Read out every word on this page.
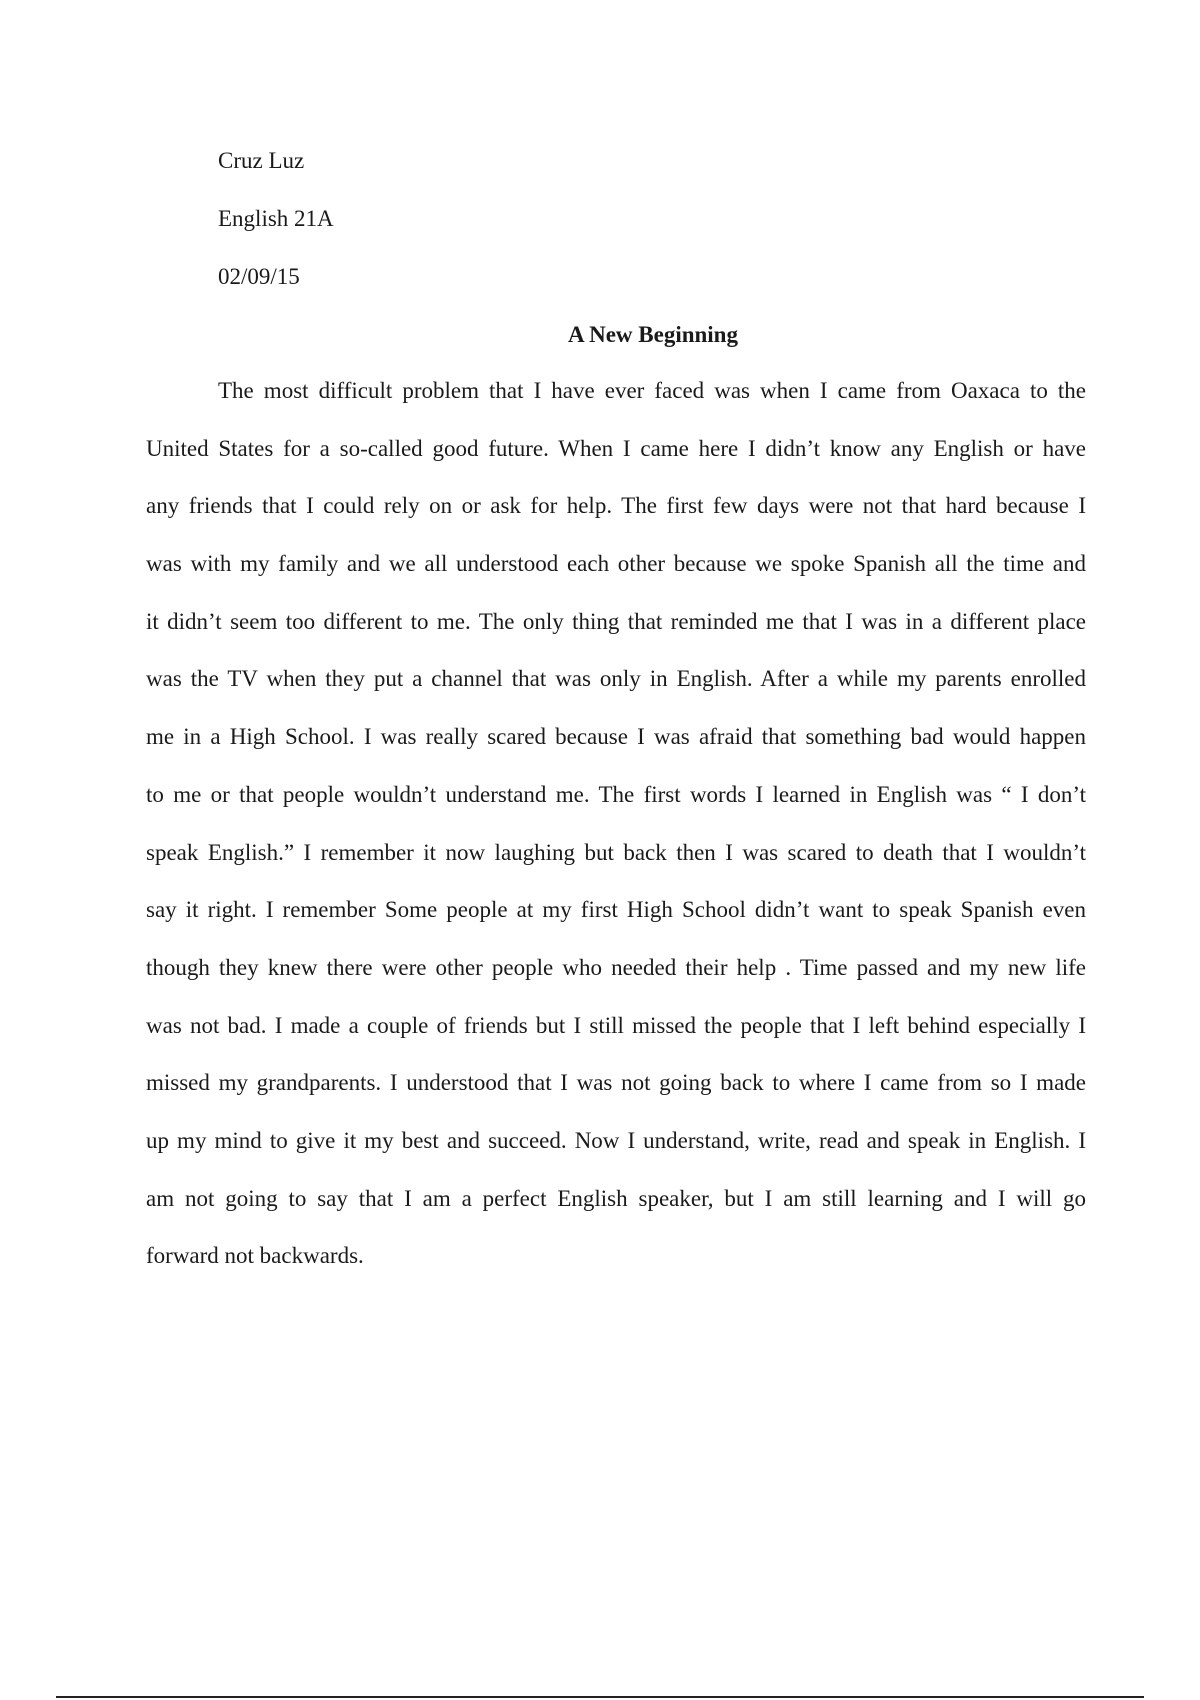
Cruz Luz
English 21A
02/09/15
A New Beginning
The most difficult problem that I have ever faced was when I came from Oaxaca to the
United States for a so-called good future. When I came here I didn’t know any English or have
any friends that I could rely on or ask for help. The first few days were not that hard because I
was with my family and we all understood each other because we spoke Spanish all the time and
it didn’t seem too different to me. The only thing that reminded me that I was in a different place
was the TV when they put a channel that was only in English. After a while my parents enrolled
me in a High School. I was really scared because I was afraid that something bad would happen
to me or that people wouldn’t understand me. The first words I learned in English was “ I don’t
speak English.” I remember it now laughing but back then I was scared to death that I wouldn’t
say it right. I remember Some people at my first High School didn’t want to speak Spanish even
though they knew there were other people who needed their help . Time passed and my new life
was not bad. I made a couple of friends but I still missed the people that I left behind especially I
missed my grandparents. I understood that I was not going back to where I came from so I made
up my mind to give it my best and succeed. Now I understand, write, read and speak in English. I
am not going to say that I am a perfect English speaker, but I am still learning and I will go
forward not backwards.
